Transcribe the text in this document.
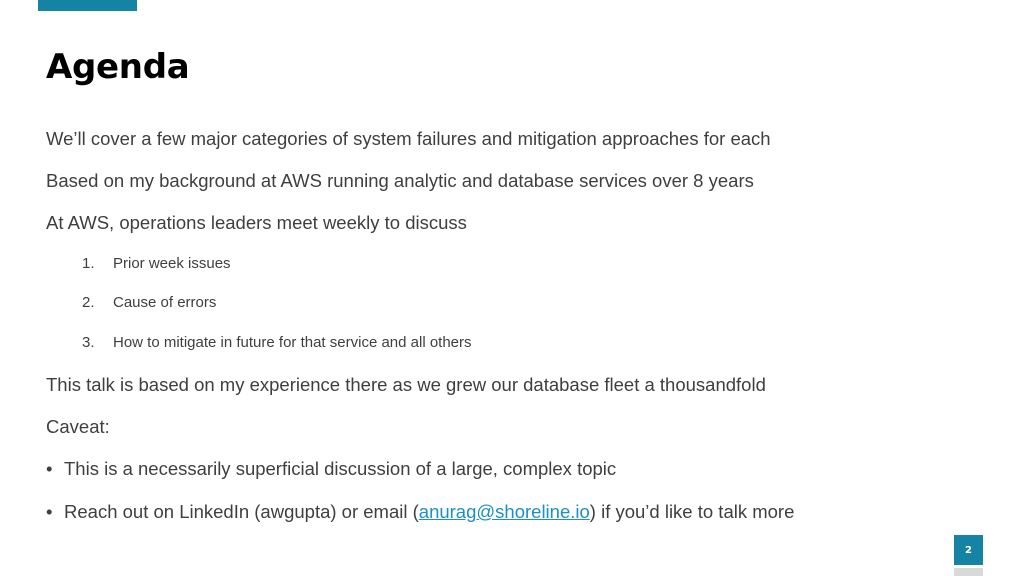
Agenda

We’ll cover a few major categories of system failures and mitigation approaches for each

Based on my background at AWS running analytic and database services over 8 years

At AWS, operations leaders meet weekly to discuss

1. Prior week issues

2. Cause of errors

3. How to mitigate in future for that service and all others

This talk is based on my experience there as we grew our database fleet a thousandfold

Caveat:

• This is a necessarily superficial discussion of a large, complex topic

• Reach out on LinkedIn (awgupta) or email (anurag@shoreline.io) if you’d like to talk more

2
